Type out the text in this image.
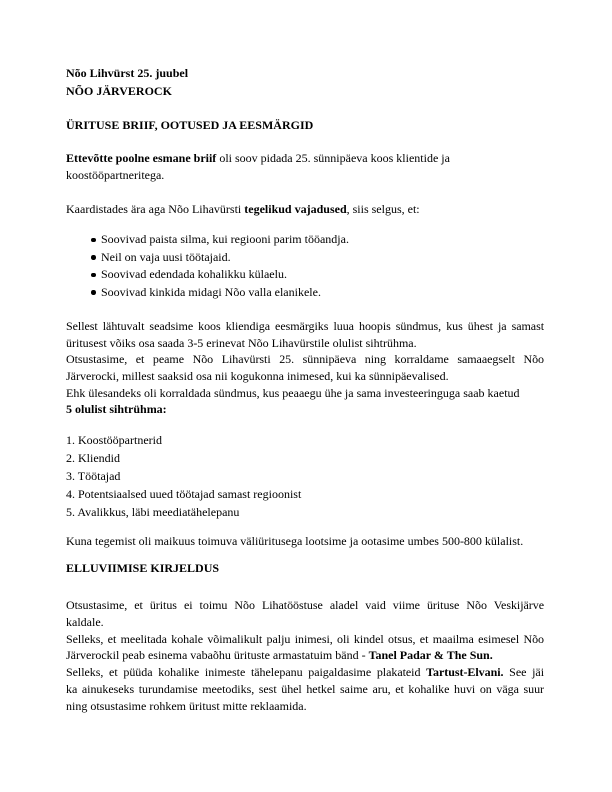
Nõo Lihvürst 25. juubel
NÕO JÄRVEROCK
ÜRITUSE BRIIF, OOTUSED JA EESMÄRGID
Ettevõtte poolne esmane briif oli soov pidada 25. sünnipäeva koos klientide ja
koostööpartneritega.
Kaardistades ära aga Nõo Lihavürsti tegelikud vajadused, siis selgus, et:
Soovivad paista silma, kui regiooni parim tööandja.
Neil on vaja uusi töötajaid.
Soovivad edendada kohalikku külaelu.
Soovivad kinkida midagi Nõo valla elanikele.
Sellest lähtuvalt seadsime koos kliendiga eesmärgiks luua hoopis sündmus, kus ühest ja samast
üritusest võiks osa saada 3-5 erinevat Nõo Lihavürstile olulist sihtrühma.
Otsustasime, et peame Nõo Lihavürsti 25. sünnipäeva ning korraldame samaaegselt Nõo
Järverocki, millest saaksid osa nii kogukonna inimesed, kui ka sünnipäevalised.
Ehk ülesandeks oli korraldada sündmus, kus peaaegu ühe ja sama investeeringuga saab kaetud
5 olulist sihtrühma:
1. Koostööpartnerid
2. Kliendid
3. Töötajad
4. Potentsiaalsed uued töötajad samast regioonist
5. Avalikkus, läbi meediatähelepanu
Kuna tegemist oli maikuus toimuva väliüritusega lootsime ja ootasime umbes 500-800 külalist.
ELLUVIIMISE KIRJELDUS
Otsustasime, et üritus ei toimu Nõo Lihatööstuse aladel vaid viime ürituse Nõo Veskijärve
kaldale.
Selleks, et meelitada kohale võimalikult palju inimesi, oli kindel otsus, et maailma esimesel Nõo
Järverockil peab esinema vabaõhu ürituste armastatuim bänd - Tanel Padar & The Sun.
Selleks, et püüda kohalike inimeste tähelepanu paigaldasime plakateid Tartust-Elvani. See jäi
ka ainukeseks turundamise meetodiks, sest ühel hetkel saime aru, et kohalike huvi on väga suur
ning otsustasime rohkem üritust mitte reklaamida.
